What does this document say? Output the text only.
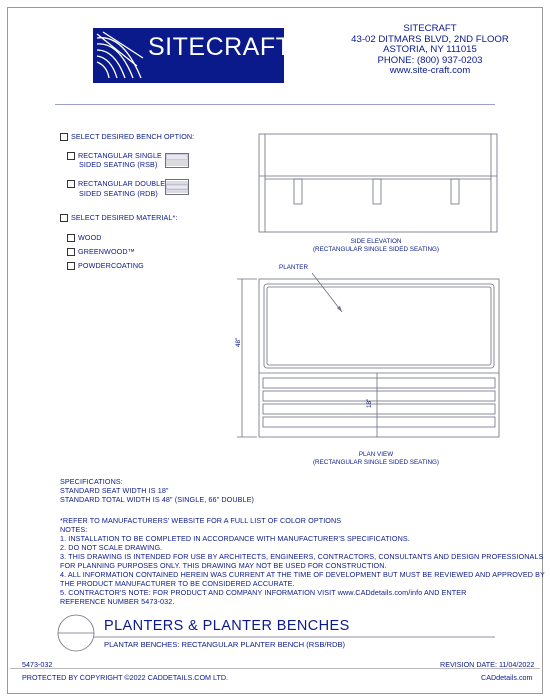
SITECRAFT
SITECRAFT
43-02 DITMARS BLVD, 2ND FLOOR
ASTORIA, NY 111015
PHONE: (800) 937-0203
www.site-craft.com
SELECT DESIRED BENCH OPTION:
RECTANGULAR SINGLE
SIDED SEATING (RSB)
RECTANGULAR DOUBLE
SIDED SEATING (RDB)
SELECT DESIRED MATERIAL*:
WOOD
GREENWOOD™
POWDERCOATING
SIDE ELEVATION
(RECTANGULAR SINGLE SIDED SEATING)
PLANTER
48"
18"
PLAN VIEW
(RECTANGULAR SINGLE SIDED SEATING)
SPECIFICATIONS:
STANDARD SEAT WIDTH IS 18"
STANDARD TOTAL WIDTH IS 48" (SINGLE, 66" DOUBLE)
*REFER TO MANUFACTURERS' WEBSITE FOR A FULL LIST OF COLOR OPTIONS
NOTES:
1. INSTALLATION TO BE COMPLETED IN ACCORDANCE WITH MANUFACTURER'S SPECIFICATIONS.
2. DO NOT SCALE DRAWING.
3. THIS DRAWING IS INTENDED FOR USE BY ARCHITECTS, ENGINEERS, CONTRACTORS, CONSULTANTS AND DESIGN PROFESSIONALS
FOR PLANNING PURPOSES ONLY. THIS DRAWING MAY NOT BE USED FOR CONSTRUCTION.
4. ALL INFORMATION CONTAINED HEREIN WAS CURRENT AT THE TIME OF DEVELOPMENT BUT MUST BE REVIEWED AND APPROVED BY
THE PRODUCT MANUFACTURER TO BE CONSIDERED ACCURATE.
5. CONTRACTOR'S NOTE: FOR PRODUCT AND COMPANY INFORMATION VISIT www.CADdetails.com/info AND ENTER
REFERENCE NUMBER 5473-032.
PLANTERS & PLANTER BENCHES
PLANTAR BENCHES: RECTANGULAR PLANTER BENCH (RSB/RDB)
5473-032	REVISION DATE: 11/04/2022
PROTECTED BY COPYRIGHT ©2022 CADDETAILS.COM LTD.	CADdetails.com
